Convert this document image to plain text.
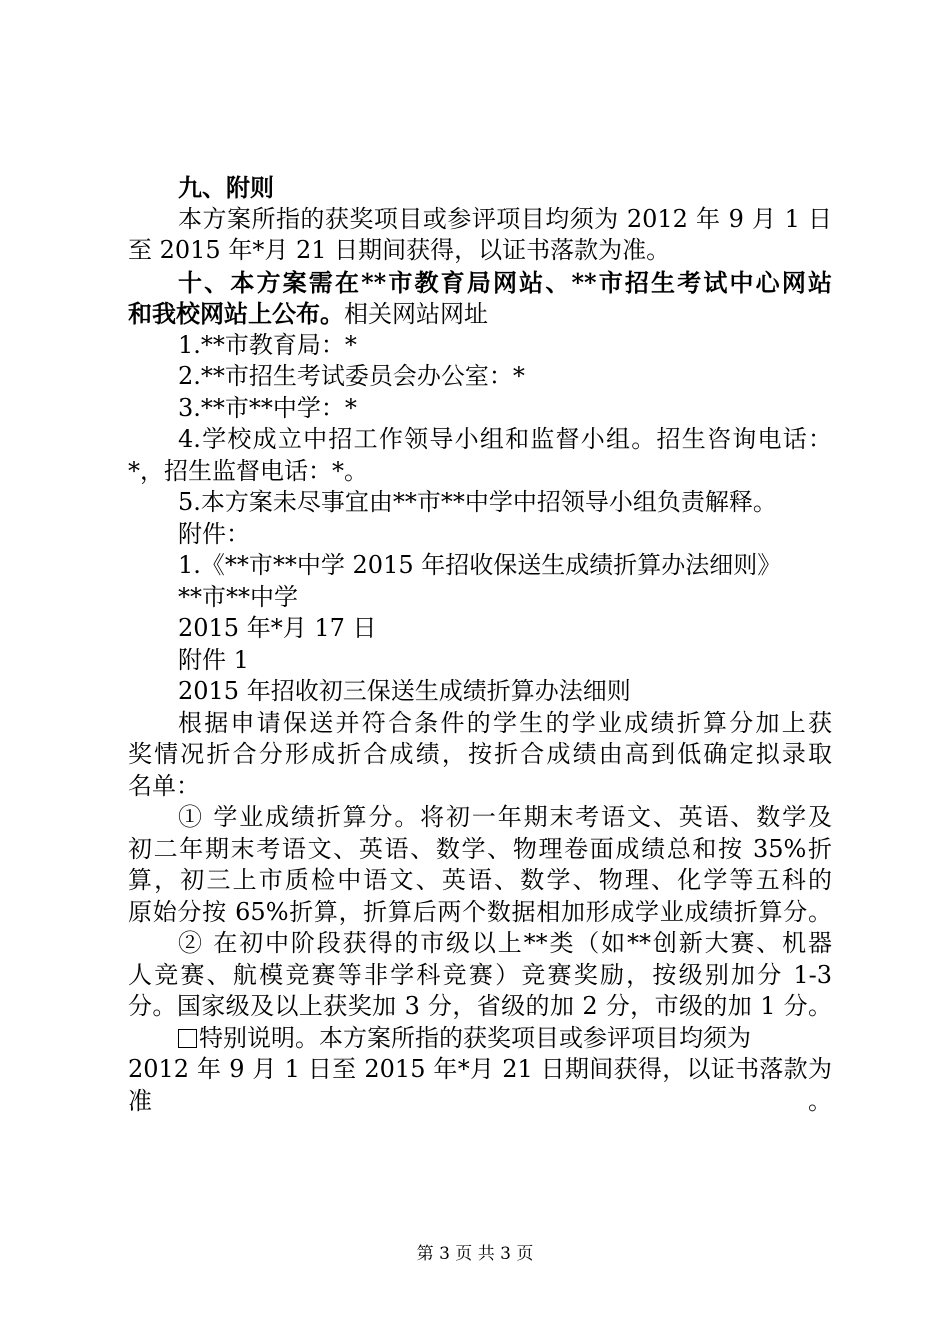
九、附则
本方案所指的获奖项目或参评项目均须为 2012 年 9 月 1 日
至 2015 年*月 21 日期间获得，以证书落款为准。
十、本方案需在**市教育局网站、**市招生考试中心网站
和我校网站上公布。相关网站网址
1.**市教育局：*
2.**市招生考试委员会办公室：*
3.**市**中学：*
4.学校成立中招工作领导小组和监督小组。招生咨询电话：
*，招生监督电话：*。
5.本方案未尽事宜由**市**中学中招领导小组负责解释。
附件：
1.《**市**中学 2015 年招收保送生成绩折算办法细则》
**市**中学
2015 年*月 17 日
附件 1
2015 年招收初三保送生成绩折算办法细则
根据申请保送并符合条件的学生的学业成绩折算分加上获
奖情况折合分形成折合成绩，按折合成绩由高到低确定拟录取
名单：
① 学业成绩折算分。将初一年期末考语文、英语、数学及
初二年期末考语文、英语、数学、物理卷面成绩总和按 35%折
算，初三上市质检中语文、英语、数学、物理、化学等五科的
原始分按 65%折算，折算后两个数据相加形成学业成绩折算分。
② 在初中阶段获得的市级以上**类（如**创新大赛、机器
人竞赛、航模竞赛等非学科竞赛）竞赛奖励，按级别加分 1-3
分。国家级及以上获奖加 3 分，省级的加 2 分，市级的加 1 分。
特别说明。本方案所指的获奖项目或参评项目均须为
2012 年 9 月 1 日至 2015 年*月 21 日期间获得，以证书落款为准。
第 3 页 共 3 页
